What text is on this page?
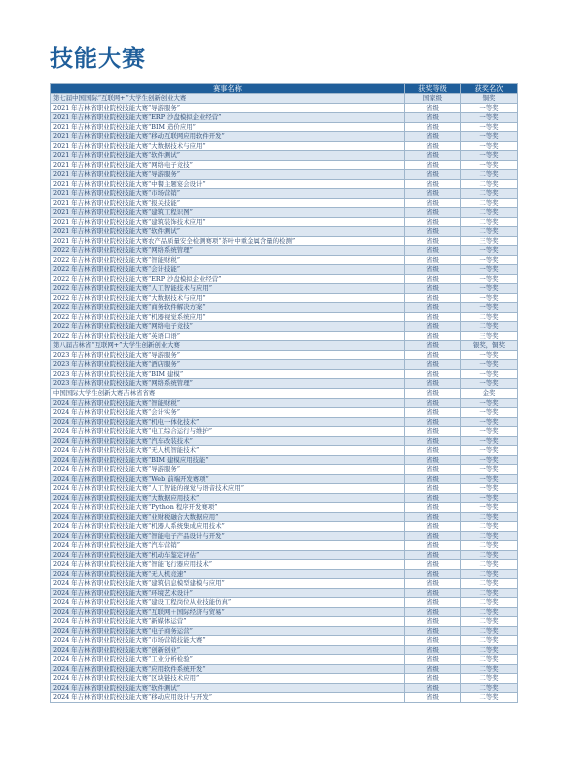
技能大赛
赛事名称	获奖等级	获奖名次
第七届中国国际“互联网+”大学生创新创业大赛	国家级	铜奖
2021 年吉林省职业院校技能大赛“导游服务”	省级	一等奖
2021 年吉林省职业院校技能大赛“ERP 沙盘模拟企业经营”	省级	一等奖
2021 年吉林省职业院校技能大赛“BIM 造价应用”	省级	一等奖
2021 年吉林省职业院校技能大赛“移动互联网应用软件开发”	省级	一等奖
2021 年吉林省职业院校技能大赛“大数据技术与应用”	省级	一等奖
2021 年吉林省职业院校技能大赛“软件测试”	省级	一等奖
2021 年吉林省职业院校技能大赛“网络电子竞技”	省级	一等奖
2021 年吉林省职业院校技能大赛“导游服务”	省级	二等奖
2021 年吉林省职业院校技能大赛“中餐主题宴会设计”	省级	二等奖
2021 年吉林省职业院校技能大赛“市场营销”	省级	二等奖
2021 年吉林省职业院校技能大赛“报关技能”	省级	二等奖
2021 年吉林省职业院校技能大赛“建筑工程识图”	省级	二等奖
2021 年吉林省职业院校技能大赛“建筑装饰技术应用”	省级	二等奖
2021 年吉林省职业院校技能大赛“软件测试”	省级	二等奖
2021 年吉林省职业院校技能大赛农产品质量安全检测赛项“茶叶中重金属含量的检测”	省级	三等奖
2022 年吉林省职业院校技能大赛“网络系统管理”	省级	一等奖
2022 年吉林省职业院校技能大赛“智能财税”	省级	一等奖
2022 年吉林省职业院校技能大赛“会计技能”	省级	一等奖
2022 年吉林省职业院校技能大赛“ERP 沙盘模拟企业经营”	省级	一等奖
2022 年吉林省职业院校技能大赛“人工智能技术与应用”	省级	一等奖
2022 年吉林省职业院校技能大赛“大数据技术与应用”	省级	一等奖
2022 年吉林省职业院校技能大赛“商务软件解决方案”	省级	一等奖
2022 年吉林省职业院校技能大赛“机器视觉系统应用”	省级	二等奖
2022 年吉林省职业院校技能大赛“网络电子竞技”	省级	二等奖
2022 年吉林省职业院校技能大赛“英语口语”	省级	三等奖
第八届吉林省“互联网+”大学生创新创业大赛	省级	银奖，铜奖
2023 年吉林省职业院校技能大赛“导游服务”	省级	一等奖
2023 年吉林省职业院校技能大赛“酒店服务”	省级	一等奖
2023 年吉林省职业院校技能大赛“BIM 建模”	省级	一等奖
2023 年吉林省职业院校技能大赛“网络系统管理”	省级	一等奖
中国国际大学生创新大赛吉林省省赛	省级	金奖
2024 年吉林省职业院校技能大赛“智能财税”	省级	一等奖
2024 年吉林省职业院校技能大赛“会计实务”	省级	一等奖
2024 年吉林省职业院校技能大赛“机电一体化技术”	省级	一等奖
2024 年吉林省职业院校技能大赛“电工综合运行与维护”	省级	一等奖
2024 年吉林省职业院校技能大赛“汽车改装技术”	省级	一等奖
2024 年吉林省职业院校技能大赛“无人机智能技术”	省级	一等奖
2024 年吉林省职业院校技能大赛“BIM 建模应用技能”	省级	一等奖
2024 年吉林省职业院校技能大赛“导游服务”	省级	一等奖
2024 年吉林省职业院校技能大赛“Web 前端开发赛项”	省级	一等奖
2024 年吉林省职业院校技能大赛“人工智能的视觉与语音技术应用”	省级	一等奖
2024 年吉林省职业院校技能大赛“大数据应用技术”	省级	一等奖
2024 年吉林省职业院校技能大赛“Python 程序开发赛项”	省级	一等奖
2024 年吉林省职业院校技能大赛“业财税融合大数据应用”	省级	二等奖
2024 年吉林省职业院校技能大赛“机器人系统集成应用技术”	省级	二等奖
2024 年吉林省职业院校技能大赛“智能电子产品设计与开发”	省级	二等奖
2024 年吉林省职业院校技能大赛“汽车营销”	省级	二等奖
2024 年吉林省职业院校技能大赛“机动车鉴定评估”	省级	二等奖
2024 年吉林省职业院校技能大赛“智能飞行器应用技术”	省级	二等奖
2024 年吉林省职业院校技能大赛“无人机竞速”	省级	二等奖
2024 年吉林省职业院校技能大赛“建筑信息模型建模与应用”	省级	二等奖
2024 年吉林省职业院校技能大赛“环境艺术设计”	省级	二等奖
2024 年吉林省职业院校技能大赛“建设工程岗位从业技能仿真”	省级	二等奖
2024 年吉林省职业院校技能大赛“互联网＋国际经济与贸易”	省级	二等奖
2024 年吉林省职业院校技能大赛“新媒体运营”	省级	二等奖
2024 年吉林省职业院校技能大赛“电子商务运营”	省级	二等奖
2024 年吉林省职业院校技能大赛“市场营销技能大赛”	省级	二等奖
2024 年吉林省职业院校技能大赛“创新创业”	省级	二等奖
2024 年吉林省职业院校技能大赛“工业分析检验”	省级	二等奖
2024 年吉林省职业院校技能大赛“应用软件系统开发”	省级	二等奖
2024 年吉林省职业院校技能大赛“区块链技术应用”	省级	二等奖
2024 年吉林省职业院校技能大赛“软件测试”	省级	二等奖
2024 年吉林省职业院校技能大赛“移动应用设计与开发”	省级	二等奖
